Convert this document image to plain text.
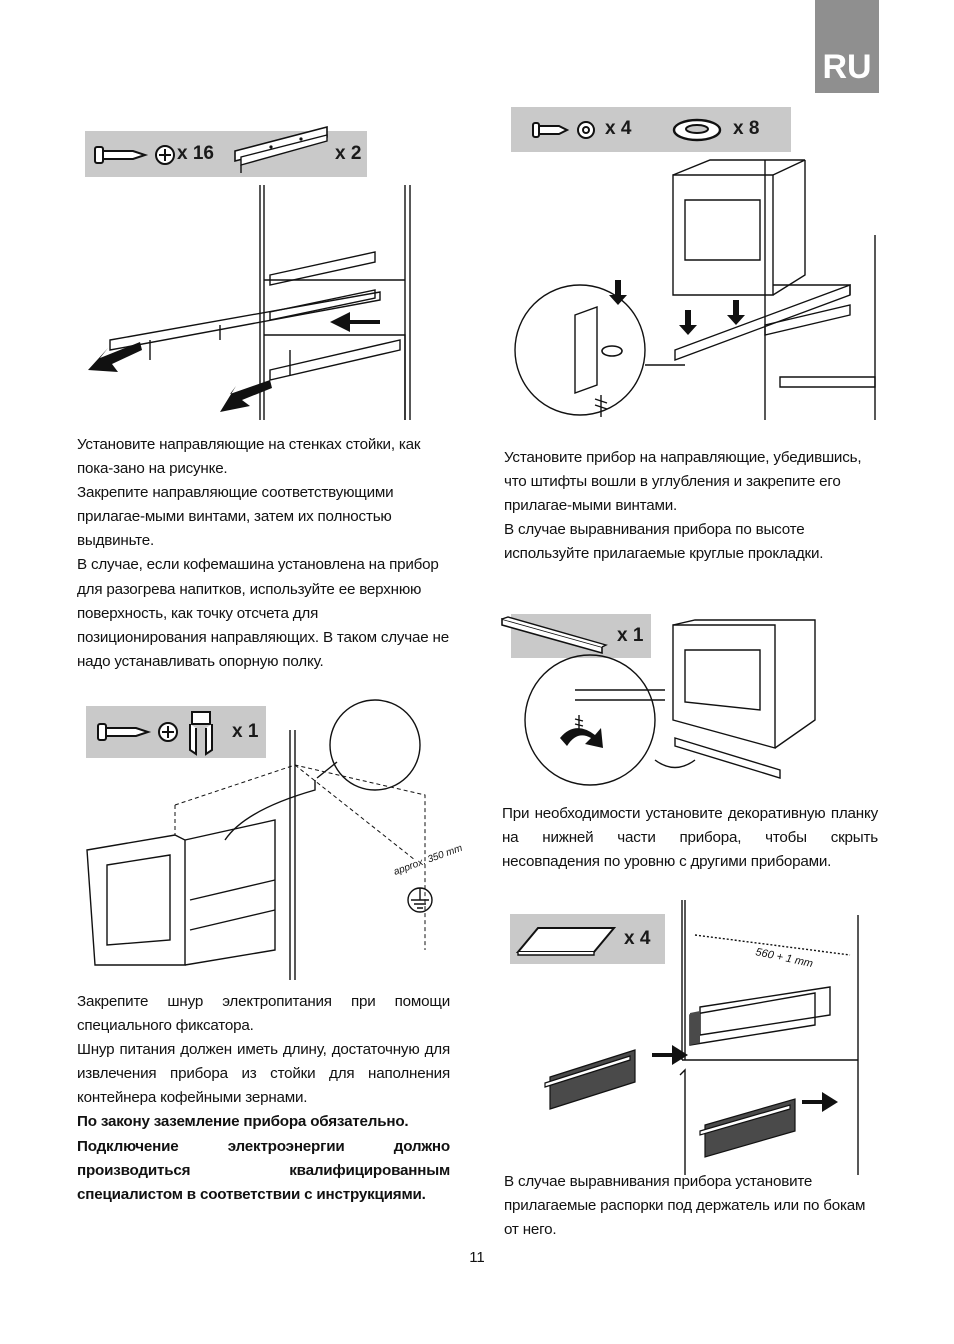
RU
x 16	x 2

Установите направляющие на стенках стойки, как пока-зано на рисунке.

Закрепите направляющие соответствующими прилагае-мыми винтами, затем их полностью выдвиньте.

В случае, если кофемашина установлена на прибор для разогрева напитков, используйте ее верхнюю поверхность, как точку отсчета для позиционирования направляющих. В таком случае не надо устанавливать опорную полку.

x 4	x 8

Установите прибор на направляющие, убедившись, что штифты вошли в углубления и закрепите его прилагае-мыми винтами.

В случае выравнивания прибора по высоте используйте прилагаемые круглые прокладки.

x 1
approx. 350 mm

Закрепите шнур электропитания при помощи специального фиксатора.

Шнур питания должен иметь длину, достаточную для извлечения прибора из стойки для наполнения контейнера кофейными зернами.

По закону заземление прибора обязательно.

Подключение электроэнергии должно производиться квалифицированным специалистом в соответствии с инструкциями.

x 1

При необходимости установите декоративную планку на нижней части прибора, чтобы скрыть несовпадения по уровню с другими приборами.

x 4
560 + 1 mm

В случае выравнивания прибора установите прилагаемые распорки под держатель или по бокам от него.

11
